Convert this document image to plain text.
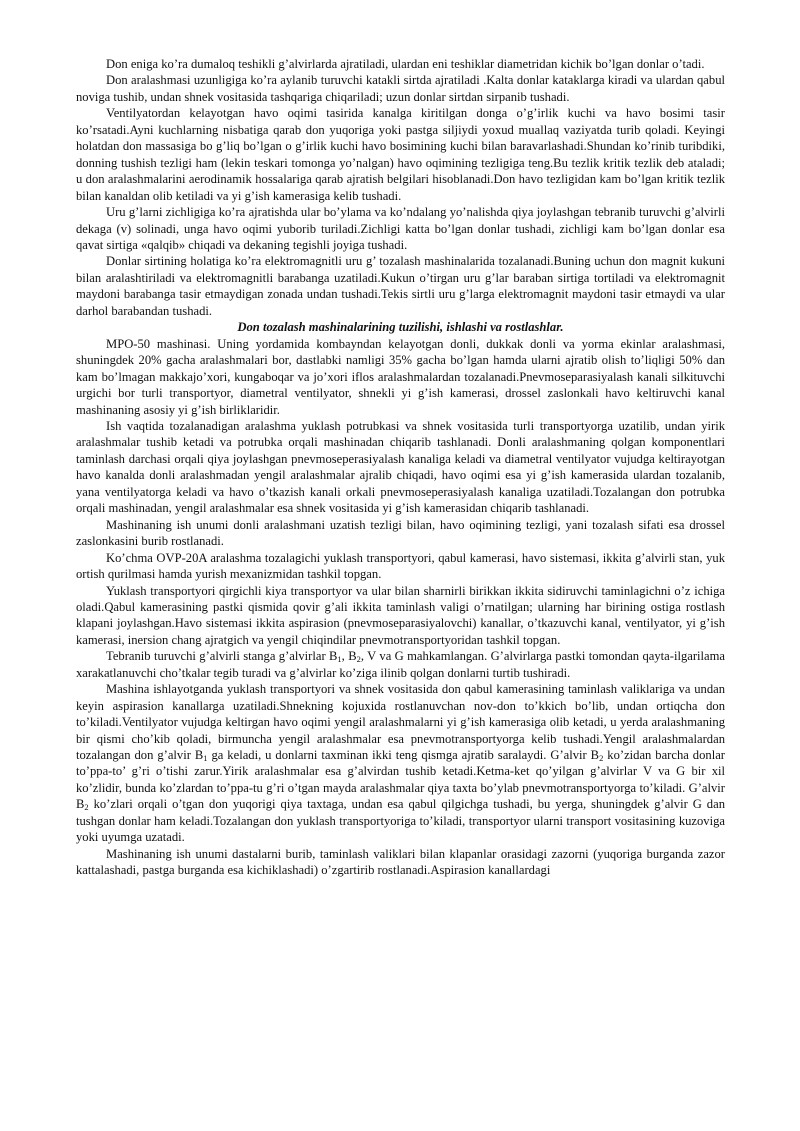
Don eniga ko’ra dumaloq teshikli g’alvirlarda ajratiladi, ulardan eni teshiklar diametridan kichik bo’lgan donlar o’tadi.

Don aralashmasi uzunligiga ko’ra aylanib turuvchi katakli sirtda ajratiladi .Kalta donlar kataklarga kiradi va ulardan qabul noviga tushib, undan shnek vositasida tashqariga chiqariladi; uzun donlar sirtdan sirpanib tushadi.

Ventilyatordan kelayotgan havo oqimi tasirida kanalga kiritilgan donga o’g’irlik kuchi va havo bosimi tasir ko’rsatadi.Ayni kuchlarning nisbatiga qarab don yuqoriga yoki pastga siljiydi yoxud muallaq vaziyatda turib qoladi. Keyingi holatdan don massasiga bo g’liq bo’lgan o g’irlik kuchi havo bosimining kuchi bilan baravarlashadi.Shundan ko’rinib turibdiki, donning tushish tezligi ham (lekin teskari tomonga yo’nalgan) havo oqimining tezligiga teng.Bu tezlik kritik tezlik deb ataladi; u don aralashmalarini aerodinamik hossalariga qarab ajratish belgilari hisoblanadi.Don havo tezligidan kam bo’lgan kritik tezlik bilan kanaldan olib ketiladi va yi g’ish kamerasiga kelib tushadi.

Uru g’larni zichligiga ko’ra ajratishda ular bo’ylama va ko’ndalang yo’nalishda qiya joylashgan tebranib turuvchi g’alvirli dekaga (v) solinadi, unga havo oqimi yuborib turiladi.Zichligi katta bo’lgan donlar tushadi, zichligi kam bo’lgan donlar esa qavat sirtiga «qalqib» chiqadi va dekaning tegishli joyiga tushadi.

Donlar sirtining holatiga ko’ra elektromagnitli uru g’ tozalash mashinalarida tozalanadi.Buning uchun don magnit kukuni bilan aralashtiriladi va elektromagnitli barabanga uzatiladi.Kukun o’tirgan uru g’lar baraban sirtiga tortiladi va elektromagnit maydoni barabanga tasir etmaydigan zonada undan tushadi.Tekis sirtli uru g’larga elektromagnit maydoni tasir etmaydi va ular darhol barabandan tushadi.

Don tozalash mashinalarining tuzilishi, ishlashi va rostlashlar.

MPO-50 mashinasi. Uning yordamida kombayndan kelayotgan donli, dukkak donli va yorma ekinlar aralashmasi, shuningdek 20% gacha aralashmalari bor, dastlabki namligi 35% gacha bo’lgan hamda ularni ajratib olish to’liqligi 50% dan kam bo’lmagan makkajo’xori, kungaboqar va jo’xori iflos aralashmalardan tozalanadi.Pnevmoseparasiyalash kanali silkituvchi urgichi bor turli transportyor, diametral ventilyator, shnekli yi g’ish kamerasi, drossel zaslonkali havo keltiruvchi kanal mashinaning asosiy yi g’ish birliklaridir.

Ish vaqtida tozalanadigan aralashma yuklash potrubkasi va shnek vositasida turli transportyorga uzatilib, undan yirik aralashmalar tushib ketadi va potrubka orqali mashinadan chiqarib tashlanadi. Donli aralashmaning qolgan komponentlari taminlash darchasi orqali qiya joylashgan pnevmoseperasiyalash kanaliga keladi va diametral ventilyator vujudga keltirayotgan havo kanalda donli aralashmadan yengil aralashmalar ajralib chiqadi, havo oqimi esa yi g’ish kamerasida ulardan tozalanib, yana ventilyatorga keladi va havo o’tkazish kanali orkali pnevmoseperasiyalash kanaliga uzatiladi.Tozalangan don potrubka orqali mashinadan, yengil aralashmalar esa shnek vositasida yi g’ish kamerasidan chiqarib tashlanadi.

Mashinaning ish unumi donli aralashmani uzatish tezligi bilan, havo oqimining tezligi, yani tozalash sifati esa drossel zaslonkasini burib rostlanadi.

Ko’chma OVP-20A aralashma tozalagichi yuklash transportyori, qabul kamerasi, havo sistemasi, ikkita g’alvirli stan, yuk ortish qurilmasi hamda yurish mexanizmidan tashkil topgan.

Yuklash transportyori qirgichli kiya transportyor va ular bilan sharnirli birikkan ikkita sidiruvchi taminlagichni o’z ichiga oladi.Qabul kamerasining pastki qismida qovir g’ali ikkita taminlash valigi o’rnatilgan; ularning har birining ostiga rostlash klapani joylashgan.Havo sistemasi ikkita aspirasion (pnevmoseparasiyalovchi) kanallar, o’tkazuvchi kanal, ventilyator, yi g’ish kamerasi, inersion chang ajratgich va yengil chiqindilar pnevmotransportyoridan tashkil topgan.

Tebranib turuvchi g’alvirli stanga g’alvirlar $B_1$, $B_2$, V va G mahkamlangan. G’alvirlarga pastki tomondan qayta-ilgarilama xarakatlanuvchi cho’tkalar tegib turadi va g’alvirlar ko’ziga ilinib qolgan donlarni turtib tushiradi.

Mashina ishlayotganda yuklash transportyori va shnek vositasida don qabul kamerasining taminlash valiklariga va undan keyin aspirasion kanallarga uzatiladi.Shnekning kojuxida rostlanuvchan nov-don to’kkich bo’lib, undan ortiqcha don to’kiladi.Ventilyator vujudga keltirgan havo oqimi yengil aralashmalarni yi g’ish kamerasiga olib ketadi, u yerda aralashmaning bir qismi cho’kib qoladi, birmuncha yengil aralashmalar esa pnevmotransportyorga kelib tushadi.Yengil aralashmalardan tozalangan don g’alvir $B_1$ ga keladi, u donlarni taxminan ikki teng qismga ajratib saralaydi. G’alvir $B_2$ ko’zidan barcha donlar to’ppa-to’ g’ri o’tishi zarur.Yirik aralashmalar esa g’alvirdan tushib ketadi.Ketma-ket qo’yilgan g’alvirlar V va G bir xil ko’zlidir, bunda ko’zlardan to’ppa-tu g’ri o’tgan mayda aralashmalar qiya taxta bo’ylab pnevmotransportyorga to’kiladi. G’alvir $B_2$ ko’zlari orqali o’tgan don yuqorigi qiya taxtaga, undan esa qabul qilgichga tushadi, bu yerga, shuningdek g’alvir G dan tushgan donlar ham keladi.Tozalangan don yuklash transportyoriga to’kiladi, transportyor ularni transport vositasining kuzoviga yoki uyumga uzatadi.

Mashinaning ish unumi dastalarni burib, taminlash valiklari bilan klapanlar orasidagi zazorni (yuqoriga burganda zazor kattalashadi, pastga burganda esa kichiklashadi) o’zgartirib rostlanadi.Aspirasion kanallardagi
